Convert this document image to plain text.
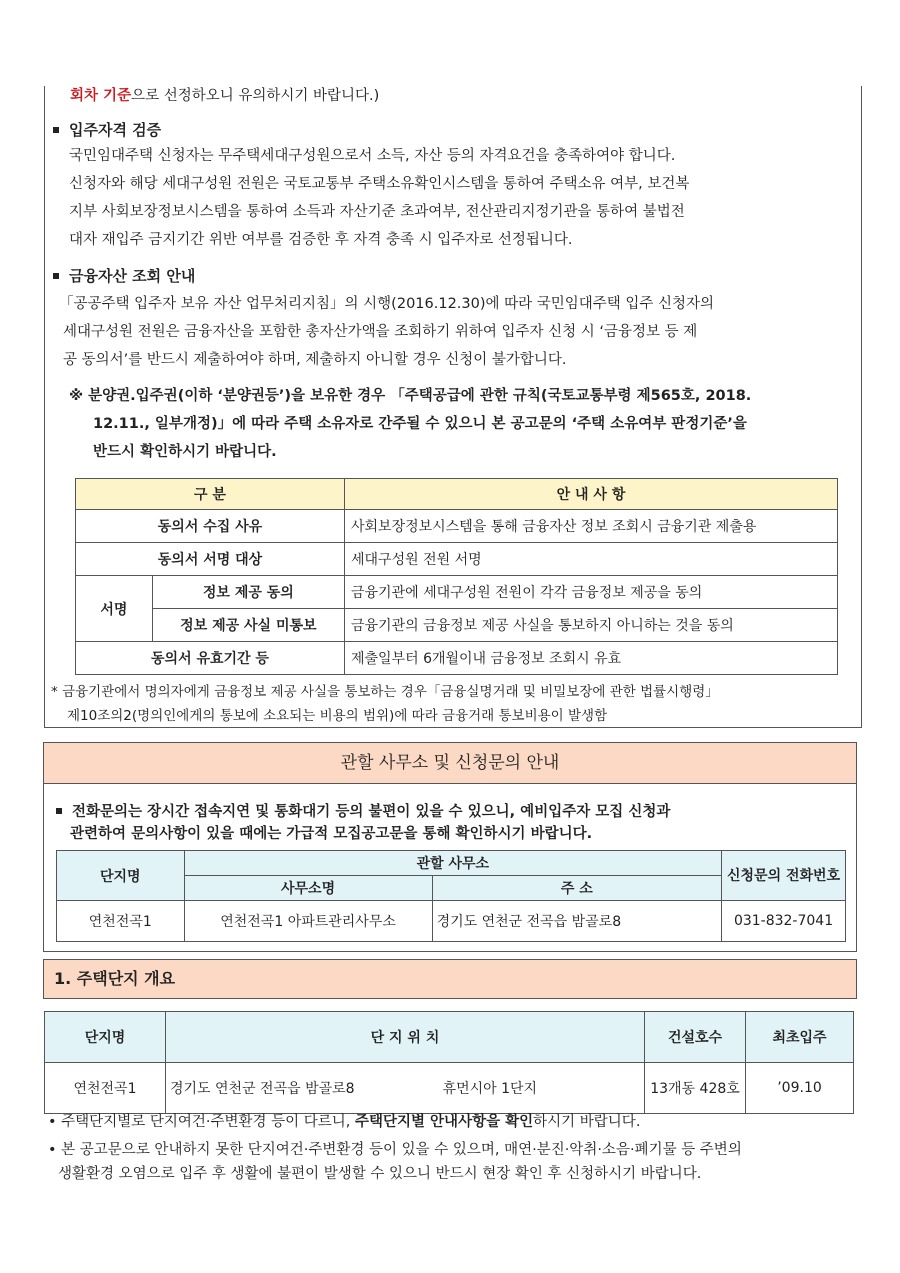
회차 기준으로 선정하오니 유의하시기 바랍니다.)
입주자격 검증
국민임대주택 신청자는 무주택세대구성원으로서 소득, 자산 등의 자격요건을 충족하여야 합니다.
신청자와 해당 세대구성원 전원은 국토교통부 주택소유확인시스템을 통하여 주택소유 여부, 보건복
지부 사회보장정보시스템을 통하여 소득과 자산기준 초과여부, 전산관리지정기관을 통하여 불법전
대자 재입주 금지기간 위반 여부를 검증한 후 자격 충족 시 입주자로 선정됩니다.
금융자산 조회 안내
「공공주택 입주자 보유 자산 업무처리지침」의 시행(2016.12.30)에 따라 국민임대주택 입주 신청자의
세대구성원 전원은 금융자산을 포함한 총자산가액을 조회하기 위하여 입주자 신청 시 ‘금융정보 등 제
공 동의서’를 반드시 제출하여야 하며, 제출하지 아니할 경우 신청이 불가합니다.
※ 분양권.입주권(이하 ‘분양권등’)을 보유한 경우 「주택공급에 관한 규칙(국토교통부령 제565호, 2018.
12.11., 일부개정)」에 따라 주택 소유자로 간주될 수 있으니 본 공고문의 ‘주택 소유여부 판정기준’을
반드시 확인하시기 바랍니다.
구 분		안 내 사 항
동의서 수집 사유		사회보장정보시스템을 통해 금융자산 정보 조회시 금융기관 제출용
동의서 서명 대상		세대구성원 전원 서명
서명	정보 제공 동의	금융기관에 세대구성원 전원이 각각 금융정보 제공을 동의
	정보 제공 사실 미통보	금융기관의 금융정보 제공 사실을 통보하지 아니하는 것을 동의
동의서 유효기간 등		제출일부터 6개월이내 금융정보 조회시 유효
* 금융기관에서 명의자에게 금융정보 제공 사실을 통보하는 경우「금융실명거래 및 비밀보장에 관한 법률시행령」
제10조의2(명의인에게의 통보에 소요되는 비용의 범위)에 따라 금융거래 통보비용이 발생함
관할 사무소 및 신청문의 안내
전화문의는 장시간 접속지연 및 통화대기 등의 불편이 있을 수 있으니, 예비입주자 모집 신청과
관련하여 문의사항이 있을 때에는 가급적 모집공고문을 통해 확인하시기 바랍니다.
단지명	관할 사무소		신청문의 전화번호
	사무소명	주 소	
연천전곡1	연천전곡1 아파트관리사무소	경기도 연천군 전곡읍 밤골로8	031-832-7041
1. 주택단지 개요
단지명	단 지 위 치	건설호수	최초입주
연천전곡1	경기도 연천군 전곡읍 밤골로8 휴먼시아 1단지	13개동 428호	’09.10
• 주택단지별로 단지여건·주변환경 등이 다르니, 주택단지별 안내사항을 확인하시기 바랍니다.
• 본 공고문으로 안내하지 못한 단지여건·주변환경 등이 있을 수 있으며, 매연·분진·악취·소음·폐기물 등 주변의
생활환경 오염으로 입주 후 생활에 불편이 발생할 수 있으니 반드시 현장 확인 후 신청하시기 바랍니다.
